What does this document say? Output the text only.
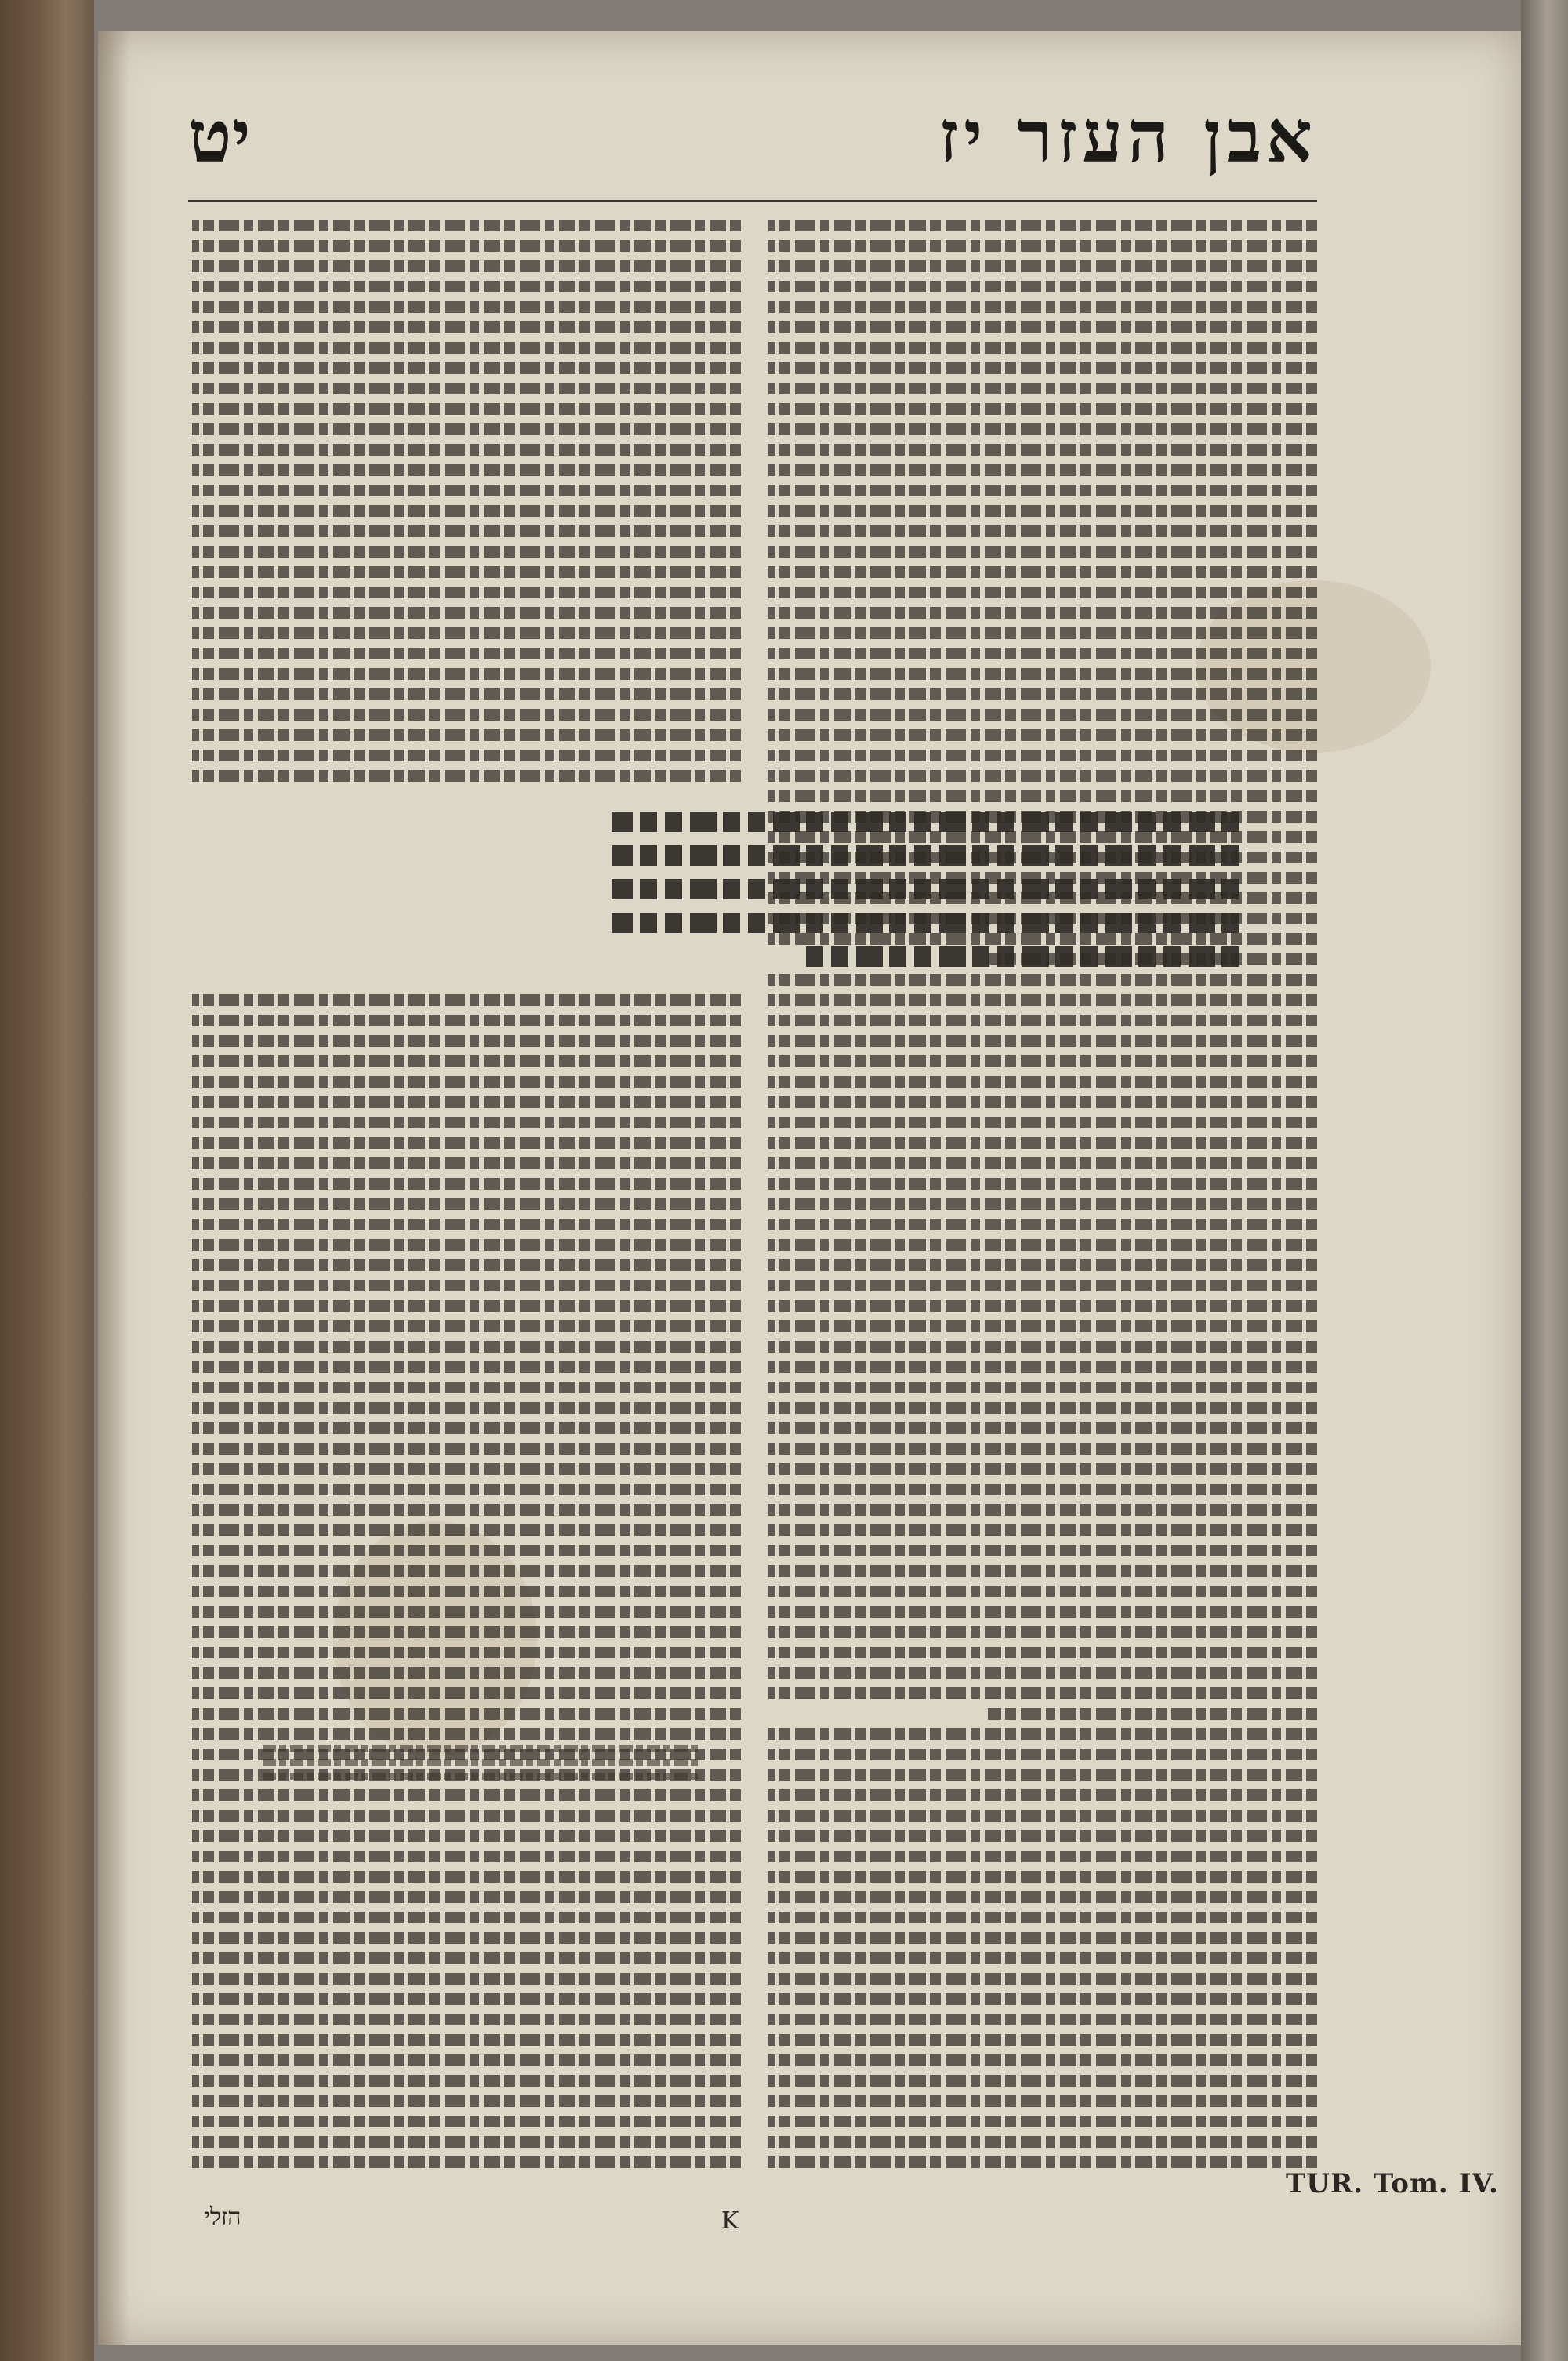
אבן העזר יז
יט
הזלי	K
TUR. Tom. IV.
